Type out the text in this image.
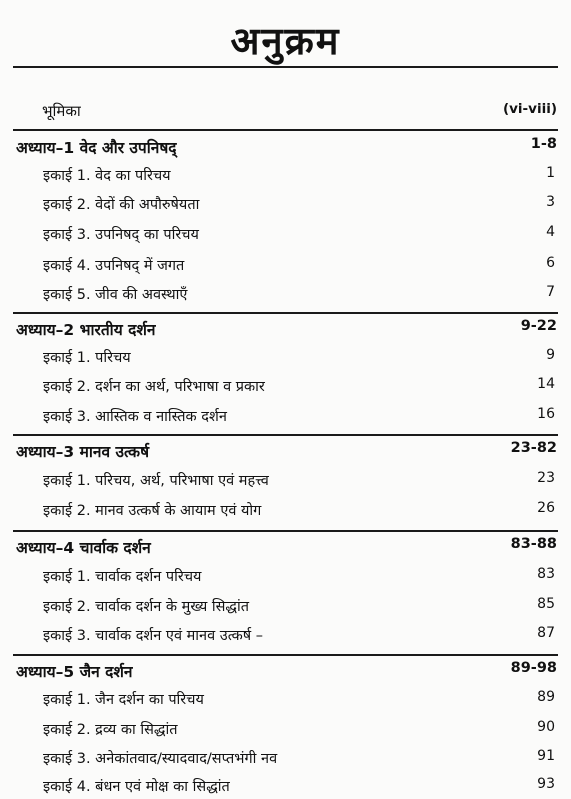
अनुक्रम
भूमिका	(vi-viii)
अध्याय–1 वेद और उपनिषद्	1-8
इकाई 1. वेद का परिचय	1
इकाई 2. वेदों की अपौरुषेयता	3
इकाई 3. उपनिषद् का परिचय	4
इकाई 4. उपनिषद् में जगत	6
इकाई 5. जीव की अवस्थाएँ	7
अध्याय–2 भारतीय दर्शन	9-22
इकाई 1. परिचय	9
इकाई 2. दर्शन का अर्थ, परिभाषा व प्रकार	14
इकाई 3. आस्तिक व नास्तिक दर्शन	16
अध्याय–3 मानव उत्कर्ष	23-82
इकाई 1. परिचय, अर्थ, परिभाषा एवं महत्त्व	23
इकाई 2. मानव उत्कर्ष के आयाम एवं योग	26
अध्याय–4 चार्वाक दर्शन	83-88
इकाई 1. चार्वाक दर्शन परिचय	83
इकाई 2. चार्वाक दर्शन के मुख्य सिद्धांत	85
इकाई 3. चार्वाक दर्शन एवं मानव उत्कर्ष –	87
अध्याय–5 जैन दर्शन	89-98
इकाई 1. जैन दर्शन का परिचय	89
इकाई 2. द्रव्य का सिद्धांत	90
इकाई 3. अनेकांतवाद/स्यादवाद/सप्तभंगी नव	91
इकाई 4. बंधन एवं मोक्ष का सिद्धांत	93
